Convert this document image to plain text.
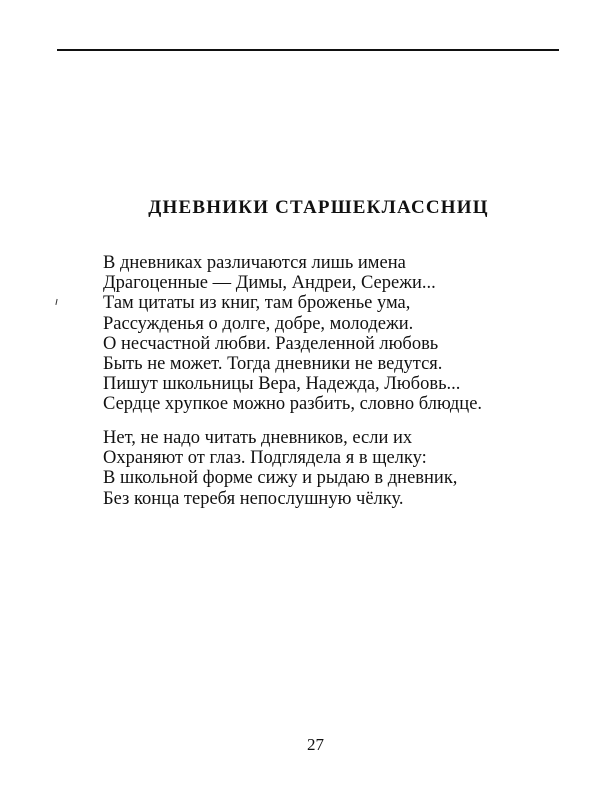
ДНЕВНИКИ СТАРШЕКЛАССНИЦ
В дневниках различаются лишь имена
Драгоценные — Димы, Андреи, Сережи...
Там цитаты из книг, там броженье ума,
Рассужденья о долге, добре, молодежи.
О несчастной любви. Разделенной любовь
Быть не может. Тогда дневники не ведутся.
Пишут школьницы Вера, Надежда, Любовь...
Сердце хрупкое можно разбить, словно блюдце.
Нет, не надо читать дневников, если их
Охраняют от глаз. Подглядела я в щелку:
В школьной форме сижу и рыдаю в дневник,
Без конца теребя непослушную чёлку.
27
